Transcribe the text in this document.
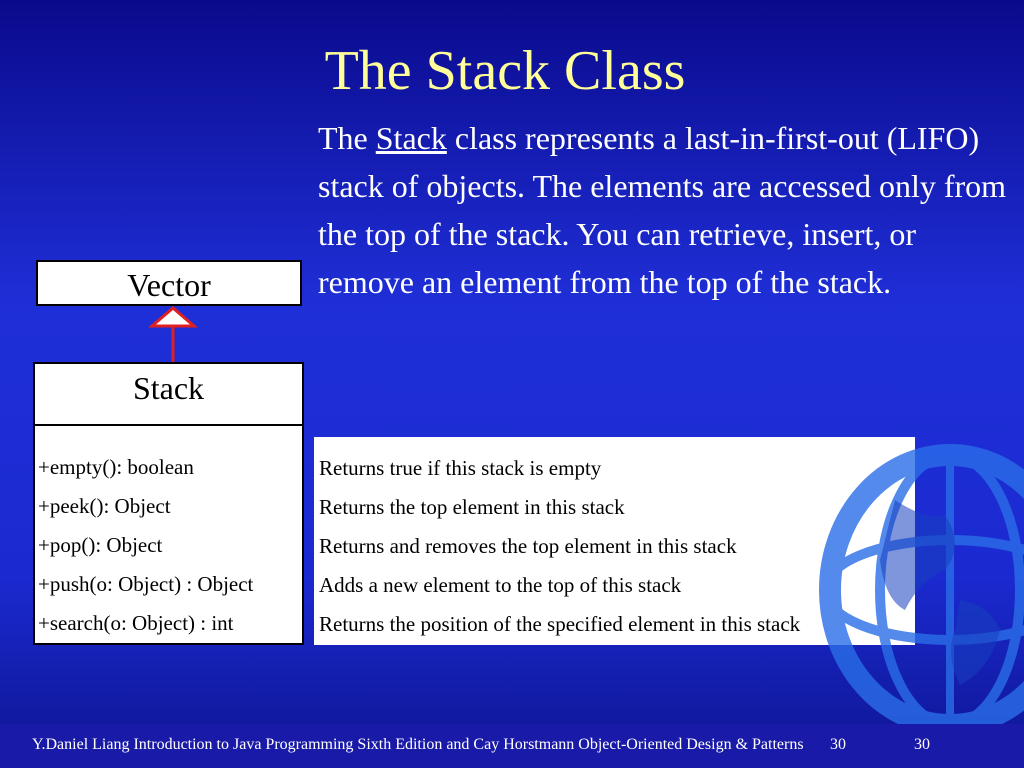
The Stack Class
The Stack class represents a last-in-first-out (LIFO) stack of objects. The elements are accessed only from the top of the stack. You can retrieve, insert, or remove an element from the top of the stack.
Vector
Stack
+empty(): boolean
+peek(): Object
+pop(): Object
+push(o: Object) : Object
+search(o: Object) : int
Returns true if this stack is empty
Returns the top element in this stack
Returns and removes the top element in this stack
Adds a new element to the top of this stack
Returns the position of the specified element in this stack
Y.Daniel Liang Introduction to Java Programming Sixth Edition and Cay Horstmann Object-Oriented Design & Patterns 30	30
